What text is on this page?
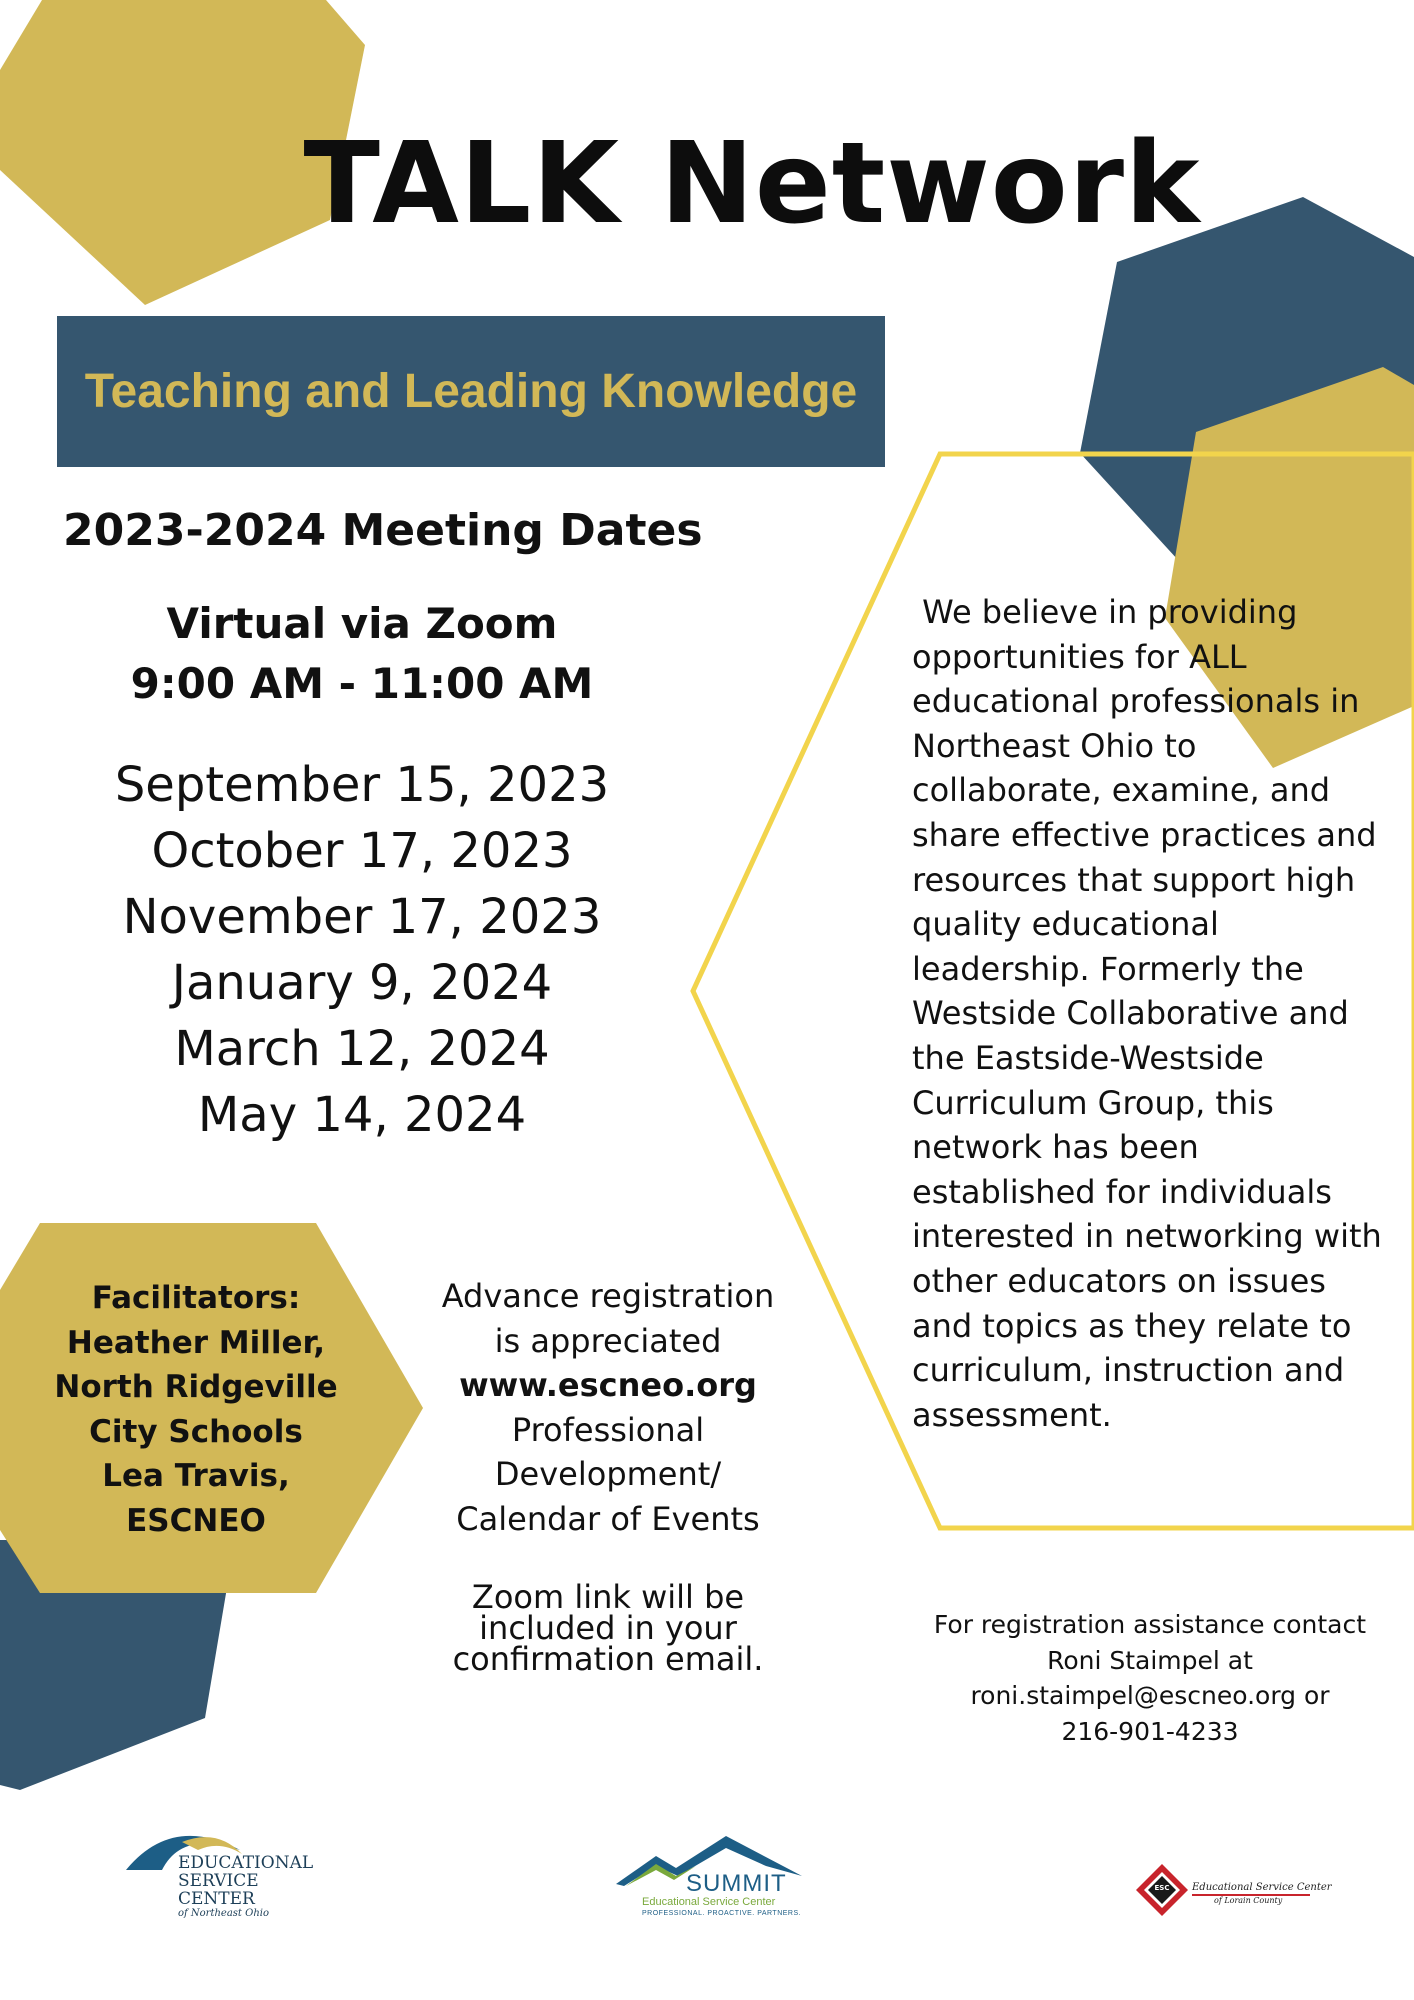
TALK Network
Teaching and Leading Knowledge
2023-2024 Meeting Dates
Virtual via Zoom
9:00 AM - 11:00 AM
September 15, 2023
October 17, 2023
November 17, 2023
January 9, 2024
March 12, 2024
May 14, 2024
Facilitators:
Heather Miller,
North Ridgeville
City Schools
Lea Travis,
ESCNEO
Advance registration
is appreciated
www.escneo.org
Professional
Development/
Calendar of Events
Zoom link will be
included in your
confirmation email.
We believe in providing
opportunities for ALL
educational professionals in
Northeast Ohio to
collaborate, examine, and
share effective practices and
resources that support high
quality educational
leadership. Formerly the
Westside Collaborative and
the Eastside-Westside
Curriculum Group, this
network has been
established for individuals
interested in networking with
other educators on issues
and topics as they relate to
curriculum, instruction and
assessment.
For registration assistance contact
Roni Staimpel at
roni.staimpel@escneo.org or
216-901-4233
EDUCATIONAL
SERVICE
CENTER
of Northeast Ohio
SUMMIT
Educational Service Center
PROFESSIONAL. PROACTIVE. PARTNERS.
ESC Educational Service Center
of Lorain County
